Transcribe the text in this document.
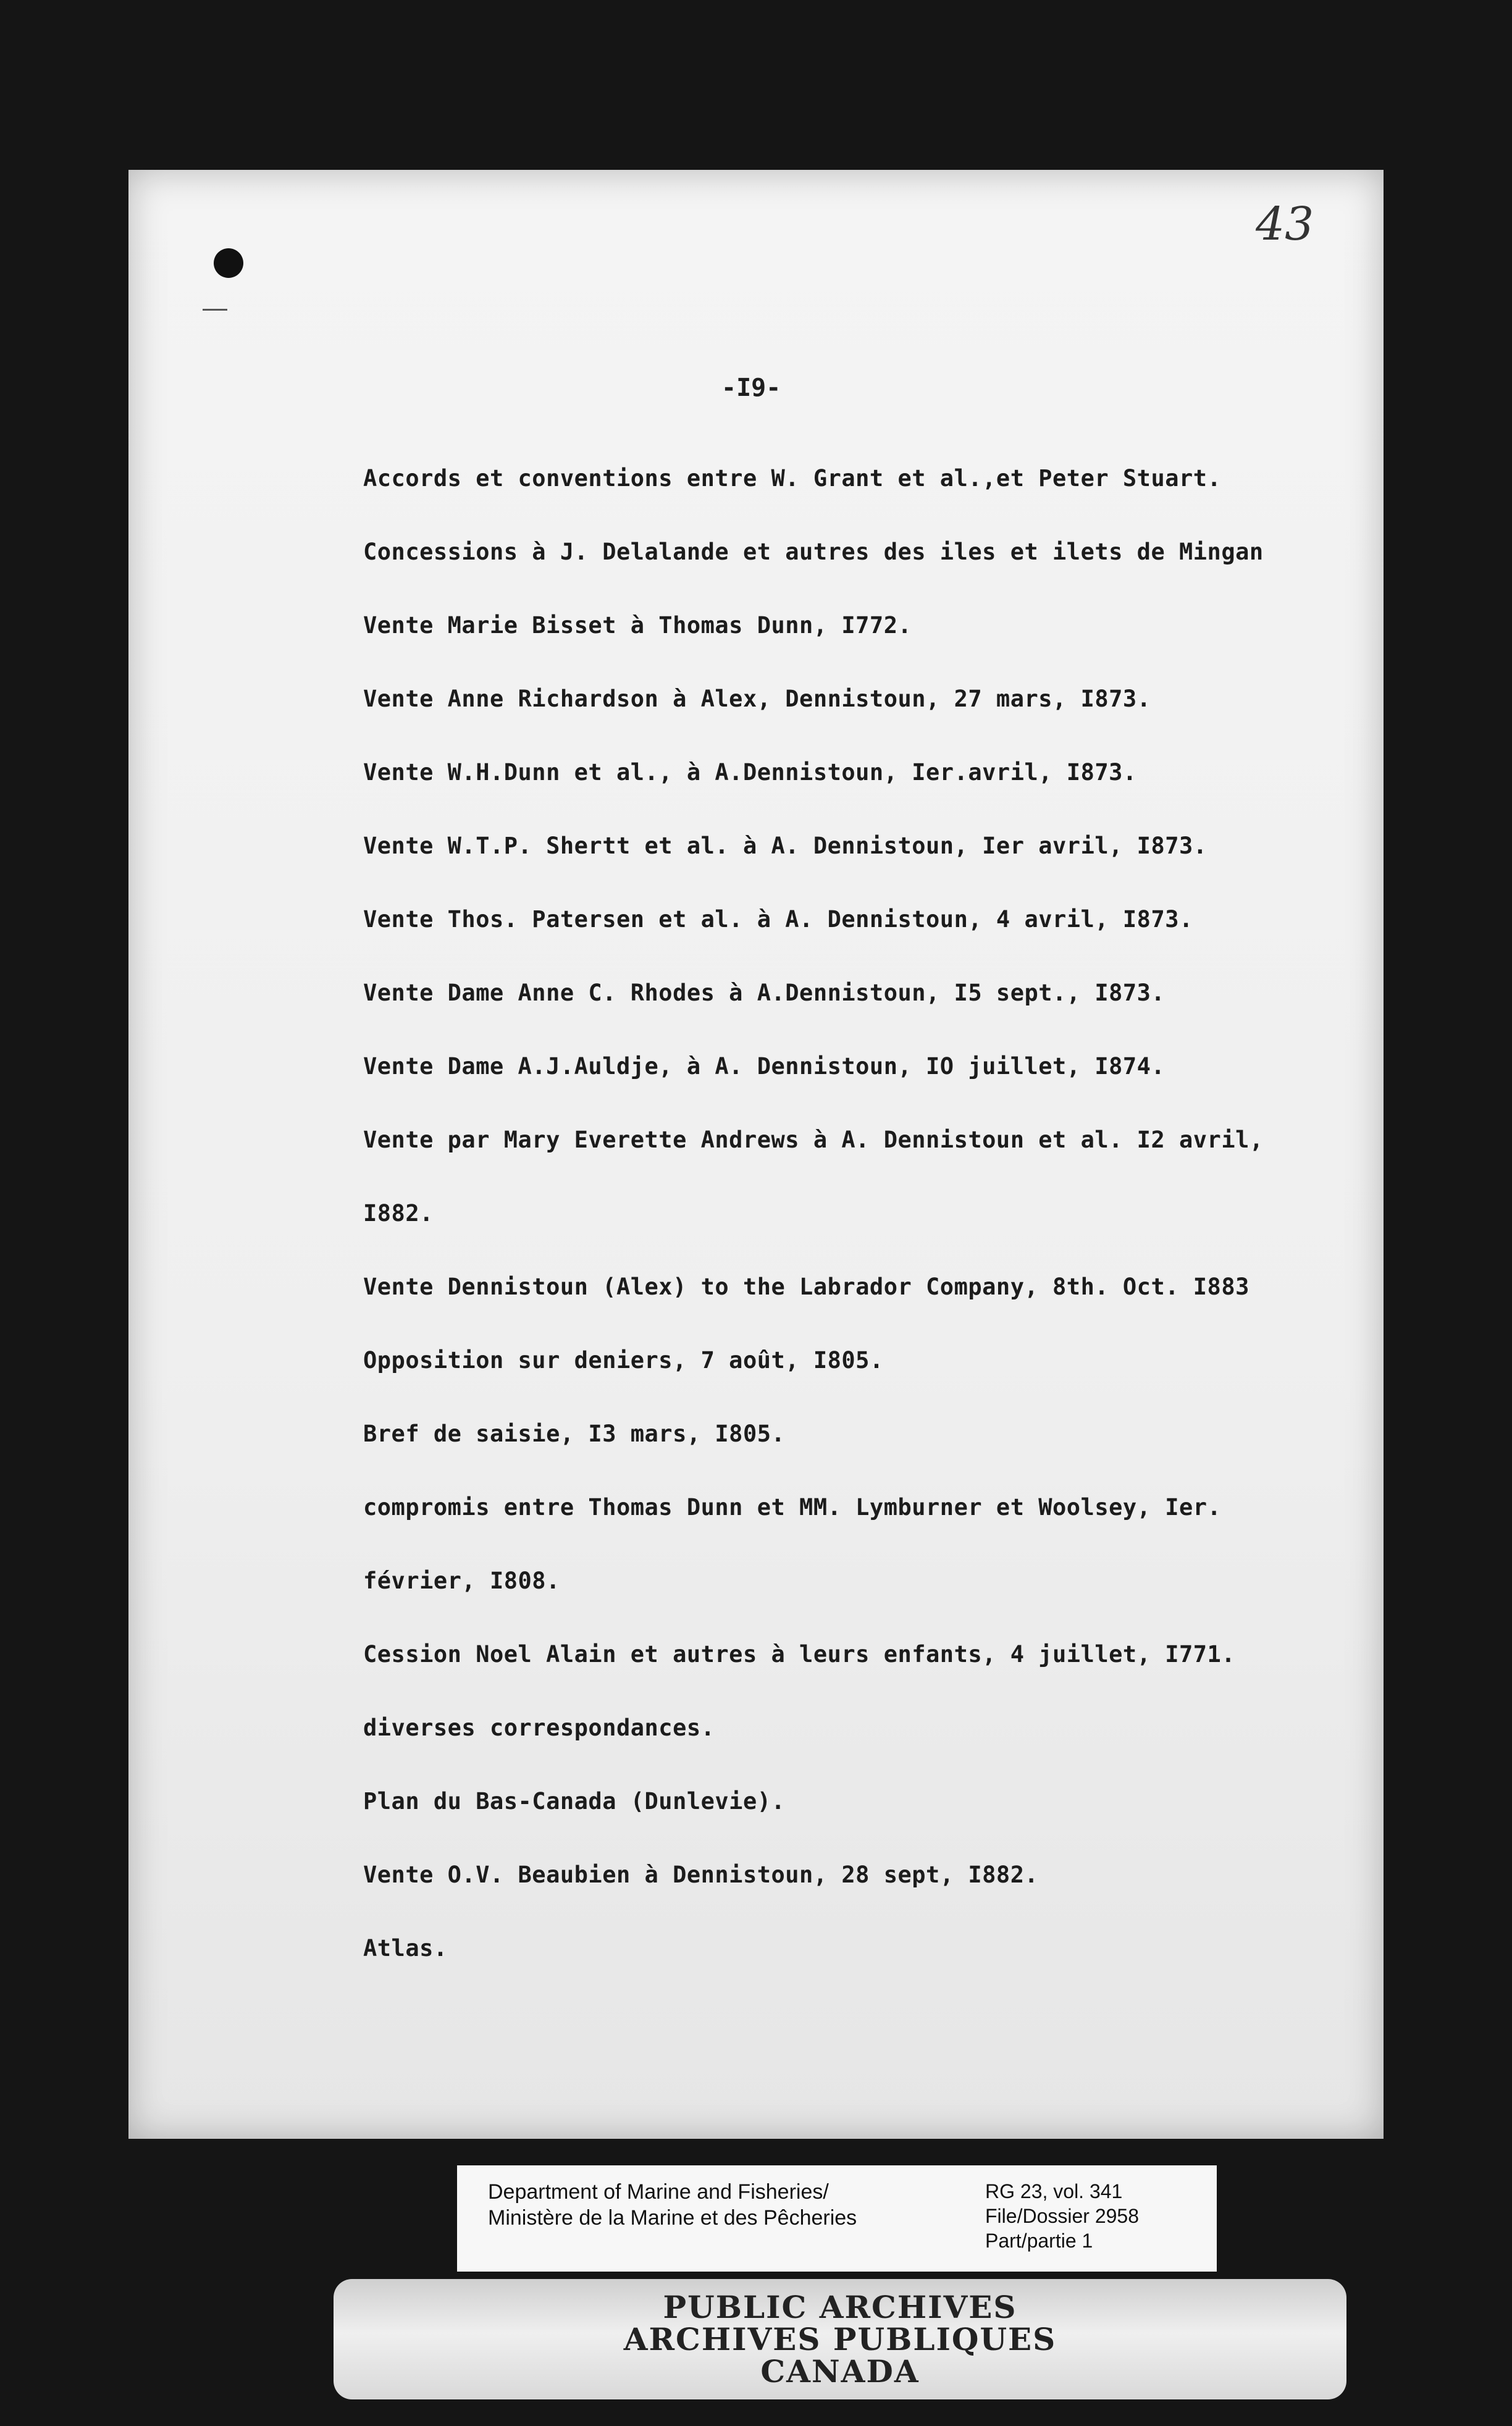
43
-I9-
Accords et conventions entre W. Grant et al.,et Peter Stuart.
Concessions à J. Delalande et autres des iles et ilets de Mingan
Vente Marie Bisset à Thomas Dunn, I772.
Vente Anne Richardson à Alex, Dennistoun, 27 mars, I873.
Vente W.H.Dunn et al., à A.Dennistoun, Ier.avril, I873.
Vente W.T.P. Shertt et al. à A. Dennistoun, Ier avril, I873.
Vente Thos. Patersen et al. à A. Dennistoun, 4 avril, I873.
Vente Dame Anne C. Rhodes à A.Dennistoun, I5 sept., I873.
Vente Dame A.J.Auldje, à A. Dennistoun, IO juillet, I874.
Vente par Mary Everette Andrews à A. Dennistoun et al. I2 avril,
I882.
Vente Dennistoun (Alex) to the Labrador Company, 8th. Oct. I883
Opposition sur deniers, 7 août, I805.
Bref de saisie, I3 mars, I805.
compromis entre Thomas Dunn et MM. Lymburner et Woolsey, Ier.
février, I808.
Cession Noel Alain et autres à leurs enfants, 4 juillet, I771.
diverses correspondances.
Plan du Bas-Canada (Dunlevie).
Vente O.V. Beaubien à Dennistoun, 28 sept, I882.
Atlas.
Department of Marine and Fisheries/
Ministère de la Marine et des Pêcheries
RG 23, vol. 341
File/Dossier 2958
Part/partie 1
PUBLIC ARCHIVES
ARCHIVES PUBLIQUES
CANADA
